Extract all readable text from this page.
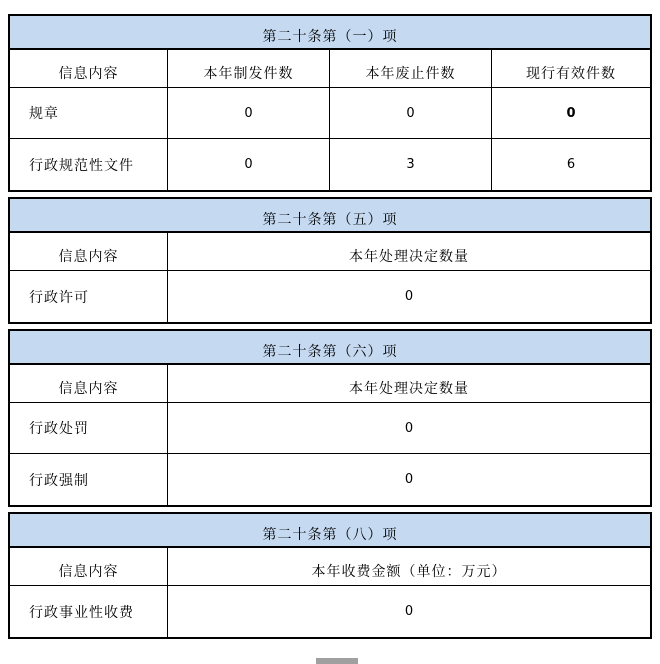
第二十条第（一）项
信息内容	本年制发件数	本年废止件数	现行有效件数
规章	0	0	0
行政规范性文件	0	3	6
第二十条第（五）项
信息内容	本年处理决定数量
行政许可	0
第二十条第（六）项
信息内容	本年处理决定数量
行政处罚	0
行政强制	0
第二十条第（八）项
信息内容	本年收费金额（单位：万元）
行政事业性收费	0
